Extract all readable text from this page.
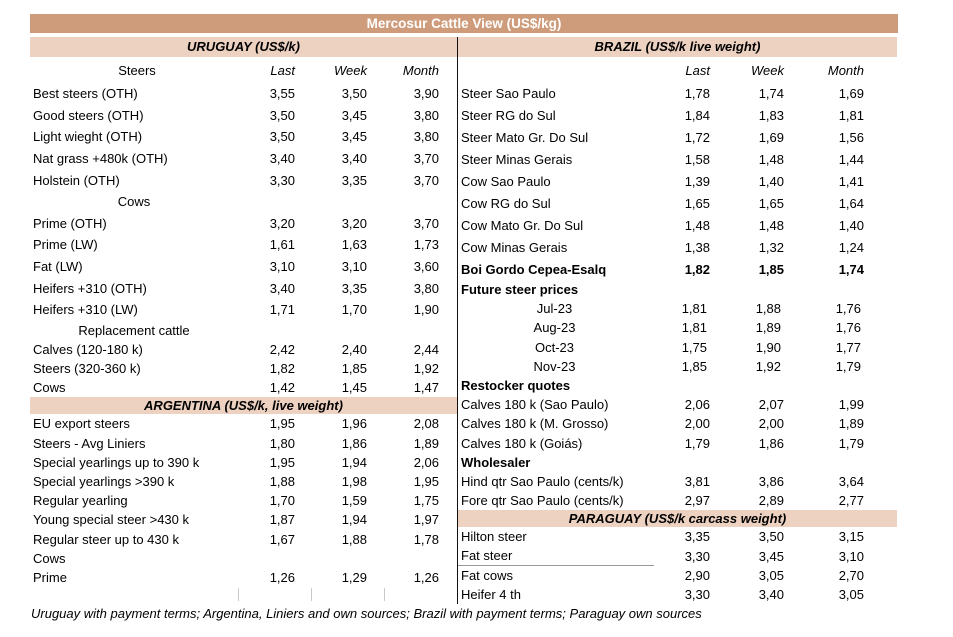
Mercosur Cattle View (US$/kg)
URUGUAY (US$/k)
Steers	Last	Week	Month
Best steers (OTH)	3,55	3,50	3,90
Good steers (OTH)	3,50	3,45	3,80
Light wieght (OTH)	3,50	3,45	3,80
Nat grass +480k (OTH)	3,40	3,40	3,70
Holstein (OTH)	3,30	3,35	3,70
Cows
Prime (OTH)	3,20	3,20	3,70
Prime (LW)	1,61	1,63	1,73
Fat (LW)	3,10	3,10	3,60
Heifers +310 (OTH)	3,40	3,35	3,80
Heifers +310 (LW)	1,71	1,70	1,90
Replacement cattle
Calves (120-180 k)	2,42	2,40	2,44
Steers (320-360 k)	1,82	1,85	1,92
Cows	1,42	1,45	1,47
ARGENTINA (US$/k, live weight)
EU export steers	1,95	1,96	2,08
Steers - Avg Liniers	1,80	1,86	1,89
Special yearlings up to 390 k	1,95	1,94	2,06
Special yearlings >390 k	1,88	1,98	1,95
Regular yearling	1,70	1,59	1,75
Young special steer >430 k	1,87	1,94	1,97
Regular steer up to 430 k	1,67	1,88	1,78
Cows
Prime	1,26	1,29	1,26
BRAZIL (US$/k live weight)
Last	Week	Month
Steer Sao Paulo	1,78	1,74	1,69
Steer RG do Sul	1,84	1,83	1,81
Steer Mato Gr. Do Sul	1,72	1,69	1,56
Steer Minas Gerais	1,58	1,48	1,44
Cow Sao Paulo	1,39	1,40	1,41
Cow RG do Sul	1,65	1,65	1,64
Cow Mato Gr. Do Sul	1,48	1,48	1,40
Cow Minas Gerais	1,38	1,32	1,24
Boi Gordo Cepea-Esalq	1,82	1,85	1,74
Future steer prices
Jul-23	1,81	1,88	1,76
Aug-23	1,81	1,89	1,76
Oct-23	1,75	1,90	1,77
Nov-23	1,85	1,92	1,79
Restocker quotes
Calves 180 k (Sao Paulo)	2,06	2,07	1,99
Calves 180 k (M. Grosso)	2,00	2,00	1,89
Calves 180 k (Goiás)	1,79	1,86	1,79
Wholesaler
Hind qtr Sao Paulo (cents/k)	3,81	3,86	3,64
Fore qtr Sao Paulo (cents/k)	2,97	2,89	2,77
PARAGUAY (US$/k carcass weight)
Hilton steer	3,35	3,50	3,15
Fat steer	3,30	3,45	3,10
Fat cows	2,90	3,05	2,70
Heifer 4 th	3,30	3,40	3,05
Uruguay with payment terms; Argentina, Liniers and own sources; Brazil with payment terms; Paraguay own sources
